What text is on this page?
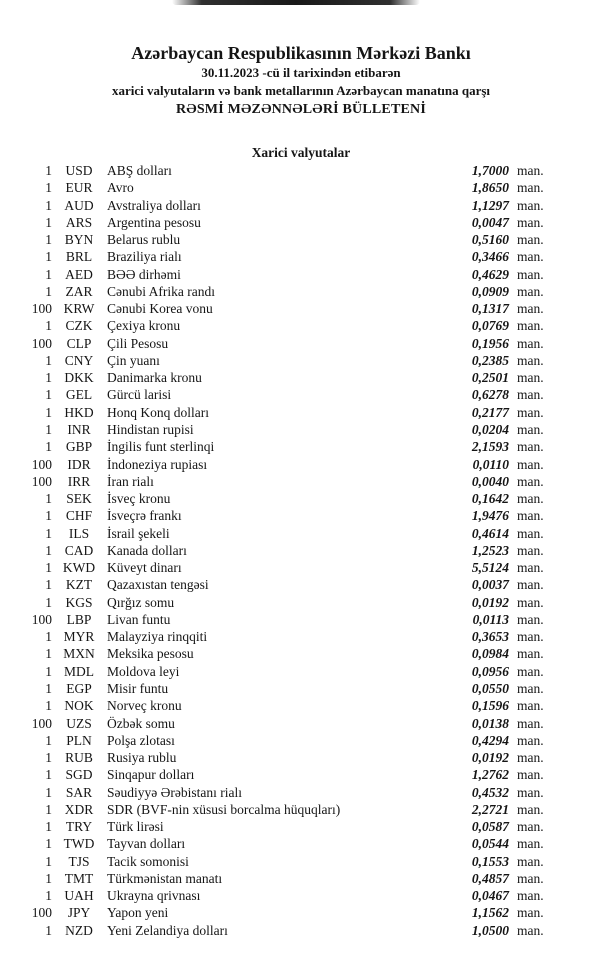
Azərbaycan Respublikasının Mərkəzi Bankı
30.11.2023 -cü il tarixindən etibarən
xarici valyutaların və bank metallarının Azərbaycan manatına qarşı
RƏSMİ MƏZƏNNƏLƏRİ BÜLLETENİ
Xarici valyutalar
1 USD	ABŞ dolları	1,7000 man.
1	EUR	Avro	1,8650 man.
1 AUD Avstraliya dolları	1,1297 man.
1	ARS	Argentina pesosu	0,0047 man.
1 BYN	Belarus rublu	0,5160 man.
1	BRL	Braziliya rialı	0,3466 man.
1 AED	BƏƏ dirhəmi	0,4629 man.
1	ZAR	Cənubi Afrika randı	0,0909 man.
100 KRW Cənubi Korea vonu	0,1317 man.
1	CZK	Çexiya kronu	0,0769 man.
100	CLP	Çili Pesosu	0,1956 man.
1 CNY	Çin yuanı	0,2385 man.
1 DKK Danimarka kronu	0,2501 man.
1	GEL	Gürcü larisi	0,6278 man.
1 HKD Honq Konq dolları	0,2177 man.
1	INR	Hindistan rupisi	0,0204 man.
1	GBP	İngilis funt sterlinqi	2,1593 man.
100	IDR	İndoneziya rupiası	0,0110 man.
100	IRR	İran rialı	0,0040 man.
1	SEK	İsveç kronu	0,1642 man.
1	CHF	İsveçrə frankı	1,9476 man.
1	ILS	İsrail şekeli	0,4614 man.
1 CAD	Kanada dolları	1,2523 man.
1 KWD Küveyt dinarı	5,5124 man.
1	KZT	Qazaxıstan tengəsi	0,0037 man.
1 KGS	Qırğız somu	0,0192 man.
100	LBP	Livan funtu	0,0113 man.
1 MYR Malayziya rinqqiti	0,3653 man.
1 MXN Meksika pesosu	0,0984 man.
1 MDL Moldova leyi	0,0956 man.
1	EGP	Misir funtu	0,0550 man.
1 NOK Norveç kronu	0,1596 man.
100	UZS	Özbək somu	0,0138 man.
1	PLN	Polşa zlotası	0,4294 man.
1 RUB	Rusiya rublu	0,0192 man.
1 SGD	Sinqapur dolları	1,2762 man.
1	SAR	Səudiyyə Ərəbistanı rialı	0,4532 man.
1 XDR	SDR (BVF-nin xüsusi borcalma hüquqları)	2,2721 man.
1	TRY	Türk lirəsi	0,0587 man.
1 TWD Tayvan dolları	0,0544 man.
1	TJS	Tacik somonisi	0,1553 man.
1 TMT	Türkmənistan manatı	0,4857 man.
1 UAH Ukrayna qrivnası	0,0467 man.
100	JPY	Yapon yeni	1,1562 man.
1 NZD	Yeni Zelandiya dolları	1,0500 man.
